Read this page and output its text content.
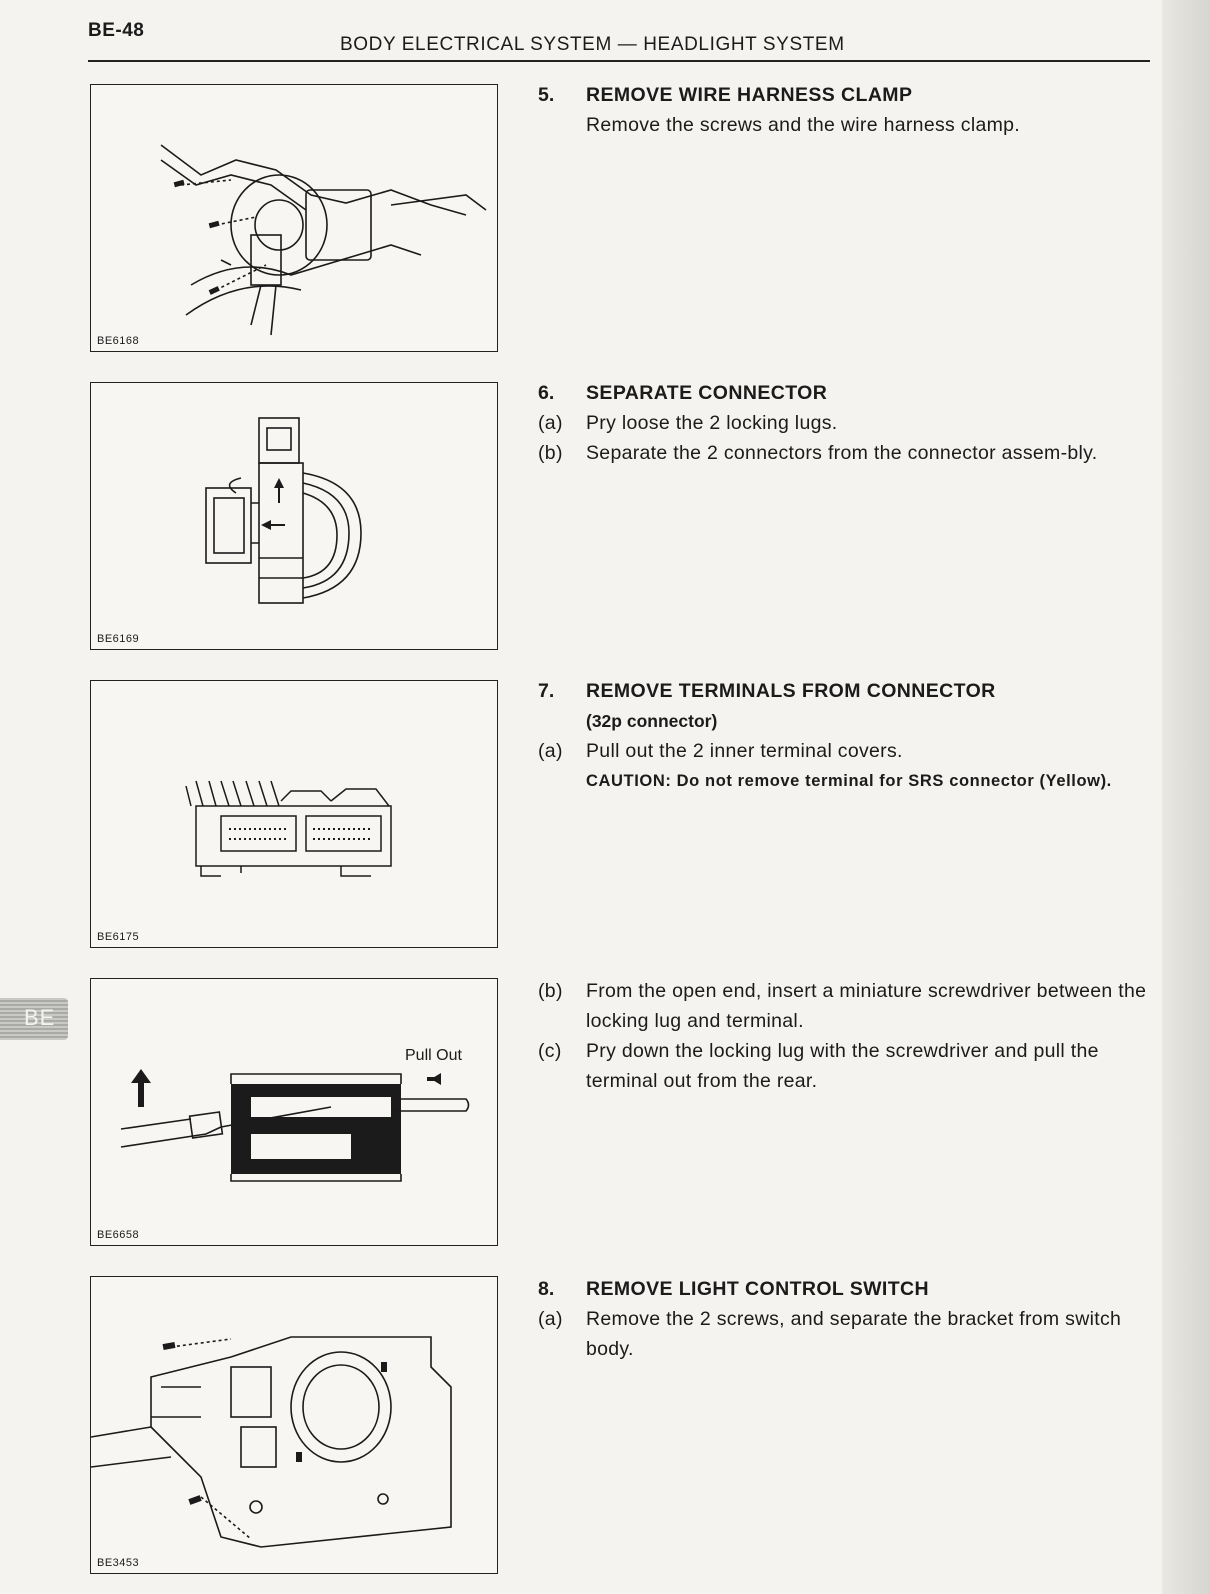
BE-48
BODY ELECTRICAL SYSTEM — HEADLIGHT SYSTEM
BE6168
BE6169
BE6175
Pull Out
BE6658
BE3453
5. REMOVE WIRE HARNESS CLAMP
Remove the screws and the wire harness clamp.
6. SEPARATE CONNECTOR
(a) Pry loose the 2 locking lugs.
(b) Separate the 2 connectors from the connector assem-bly.
7. REMOVE TERMINALS FROM CONNECTOR
(32p connector)
(a) Pull out the 2 inner terminal covers.
CAUTION: Do not remove terminal for SRS connector (Yellow).
(b) From the open end, insert a miniature screwdriver between the locking lug and terminal.
(c) Pry down the locking lug with the screwdriver and pull the terminal out from the rear.
8. REMOVE LIGHT CONTROL SWITCH
(a) Remove the 2 screws, and separate the bracket from switch body.
BE
